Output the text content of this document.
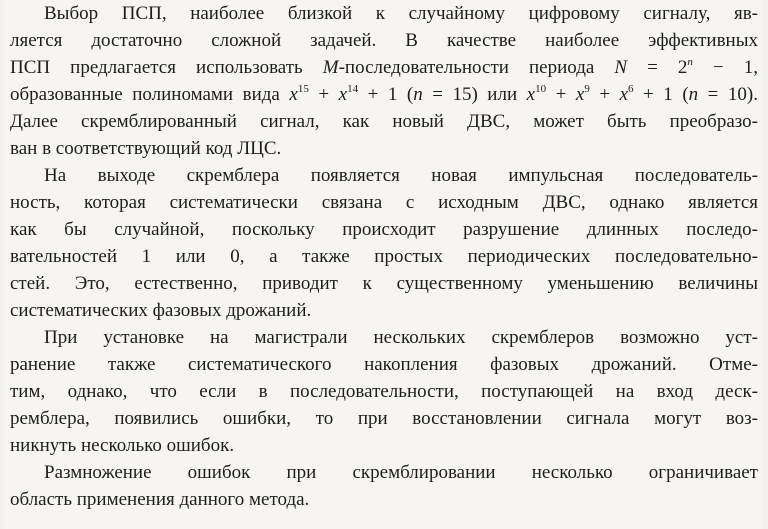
Выбор ПСП, наиболее близкой к случайному цифровому сигналу, яв-
ляется достаточно сложной задачей. В качестве наиболее эффективных
ПСП предлагается использовать M-последовательности периода $N = 2^n - 1$,
образованные полиномами вида $x^{15} + x^{14} + 1$ (n = 15) или $x^{10} + x^9 + x^6 + 1$ (n = 10).
Далее скремблированный сигнал, как новый ДВС, может быть преобразо-
ван в соответствующий код ЛЦС.
На выходе скремблера появляется новая импульсная последователь-
ность, которая систематически связана с исходным ДВС, однако является
как бы случайной, поскольку происходит разрушение длинных последо-
вательностей 1 или 0, а также простых периодических последовательно-
стей. Это, естественно, приводит к существенному уменьшению величины
систематических фазовых дрожаний.
При установке на магистрали нескольких скремблеров возможно уст-
ранение также систематического накопления фазовых дрожаний. Отме-
тим, однако, что если в последовательности, поступающей на вход деск-
ремблера, появились ошибки, то при восстановлении сигнала могут воз-
никнуть несколько ошибок.
Размножение ошибок при скремблировании несколько ограничивает
область применения данного метода.
